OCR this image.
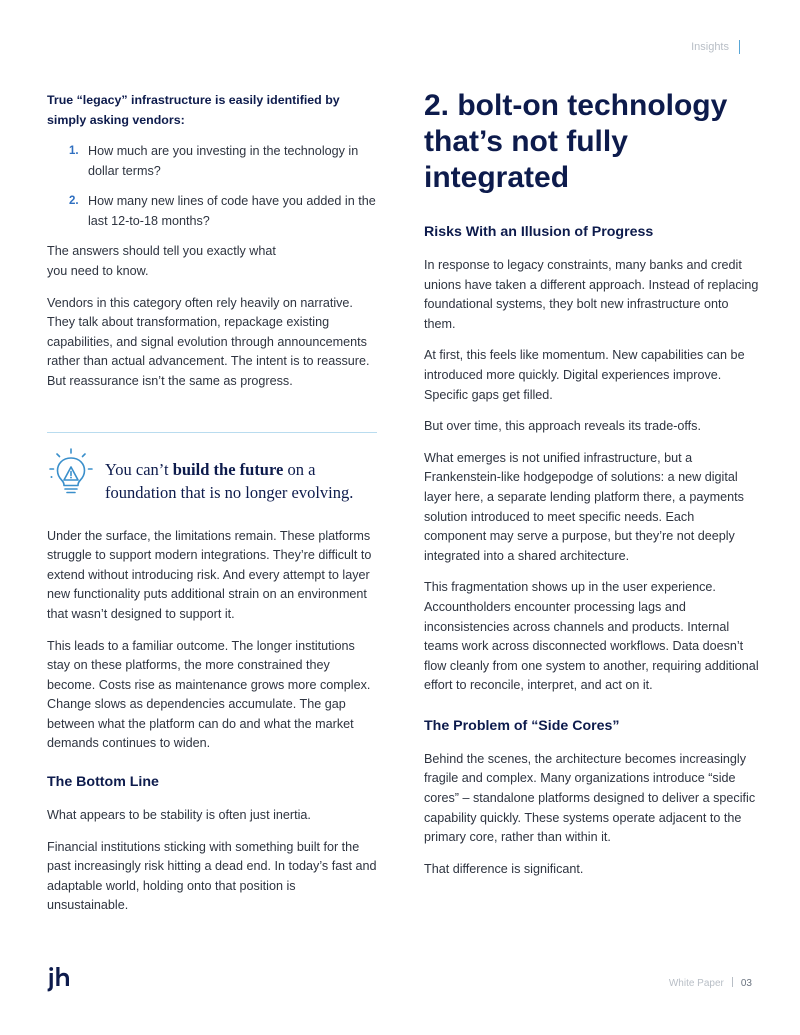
Insights

True “legacy” infrastructure is easily identified by simply asking vendors:

1. How much are you investing in the technology in dollar terms?
2. How many new lines of code have you added in the last 12-to-18 months?

The answers should tell you exactly what you need to know.

Vendors in this category often rely heavily on narrative. They talk about transformation, repackage existing capabilities, and signal evolution through announcements rather than actual advancement. The intent is to reassure. But reassurance isn’t the same as progress.

You can’t build the future on a foundation that is no longer evolving.

Under the surface, the limitations remain. These platforms struggle to support modern integrations. They’re difficult to extend without introducing risk. And every attempt to layer new functionality puts additional strain on an environment that wasn’t designed to support it.

This leads to a familiar outcome. The longer institutions stay on these platforms, the more constrained they become. Costs rise as maintenance grows more complex. Change slows as dependencies accumulate. The gap between what the platform can do and what the market demands continues to widen.

The Bottom Line

What appears to be stability is often just inertia.

Financial institutions sticking with something built for the past increasingly risk hitting a dead end. In today’s fast and adaptable world, holding onto that position is unsustainable.

2. bolt-on technology that’s not fully integrated
Risks With an Illusion of Progress

In response to legacy constraints, many banks and credit unions have taken a different approach. Instead of replacing foundational systems, they bolt new infrastructure onto them.

At first, this feels like momentum. New capabilities can be introduced more quickly. Digital experiences improve. Specific gaps get filled.

But over time, this approach reveals its trade-offs.

What emerges is not unified infrastructure, but a Frankenstein-like hodgepodge of solutions: a new digital layer here, a separate lending platform there, a payments solution introduced to meet specific needs. Each component may serve a purpose, but they’re not deeply integrated into a shared architecture.

This fragmentation shows up in the user experience. Accountholders encounter processing lags and inconsistencies across channels and products. Internal teams work across disconnected workflows. Data doesn’t flow cleanly from one system to another, requiring additional effort to reconcile, interpret, and act on it.

The Problem of “Side Cores”

Behind the scenes, the architecture becomes increasingly fragile and complex. Many organizations introduce “side cores” – standalone platforms designed to deliver a specific capability quickly. These systems operate adjacent to the primary core, rather than within it.

That difference is significant.

White Paper 03
